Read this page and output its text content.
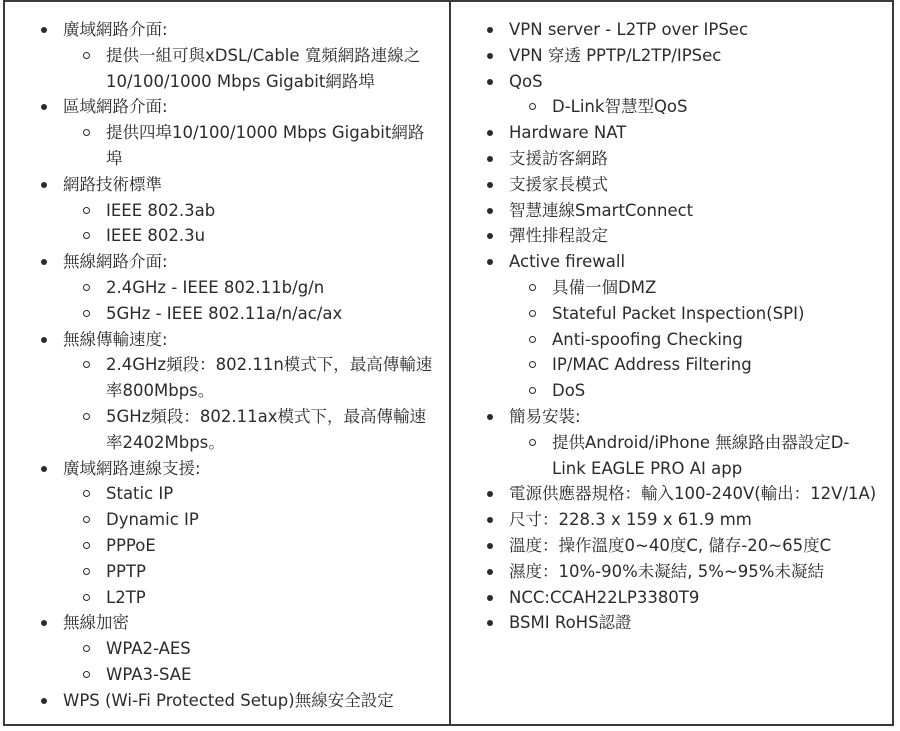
廣域網路介面:
提供一組可與xDSL/Cable 寬頻網路連線之10/100/1000 Mbps Gigabit網路埠
區域網路介面:
提供四埠10/100/1000 Mbps Gigabit網路埠
網路技術標準
IEEE 802.3ab
IEEE 802.3u
無線網路介面:
2.4GHz - IEEE 802.11b/g/n
5GHz - IEEE 802.11a/n/ac/ax
無線傳輸速度:
2.4GHz頻段：802.11n模式下，最高傳輸速率800Mbps。
5GHz頻段：802.11ax模式下，最高傳輸速率2402Mbps。
廣域網路連線支援:
Static IP
Dynamic IP
PPPoE
PPTP
L2TP
無線加密
WPA2-AES
WPA3-SAE
WPS (Wi-Fi Protected Setup)無線安全設定
VPN server - L2TP over IPSec
VPN 穿透 PPTP/L2TP/IPSec
QoS
D-Link智慧型QoS
Hardware NAT
支援訪客網路
支援家長模式
智慧連線SmartConnect
彈性排程設定
Active firewall
具備一個DMZ
Stateful Packet Inspection(SPI)
Anti-spoofing Checking
IP/MAC Address Filtering
DoS
簡易安裝:
提供Android/iPhone 無線路由器設定D-Link EAGLE PRO AI app
電源供應器規格：輸入100-240V(輸出：12V/1A)
尺寸：228.3 x 159 x 61.9 mm
溫度：操作溫度0~40度C, 儲存-20~65度C
濕度：10%-90%未凝結, 5%~95%未凝結
NCC:CCAH22LP3380T9
BSMI RoHS認證
